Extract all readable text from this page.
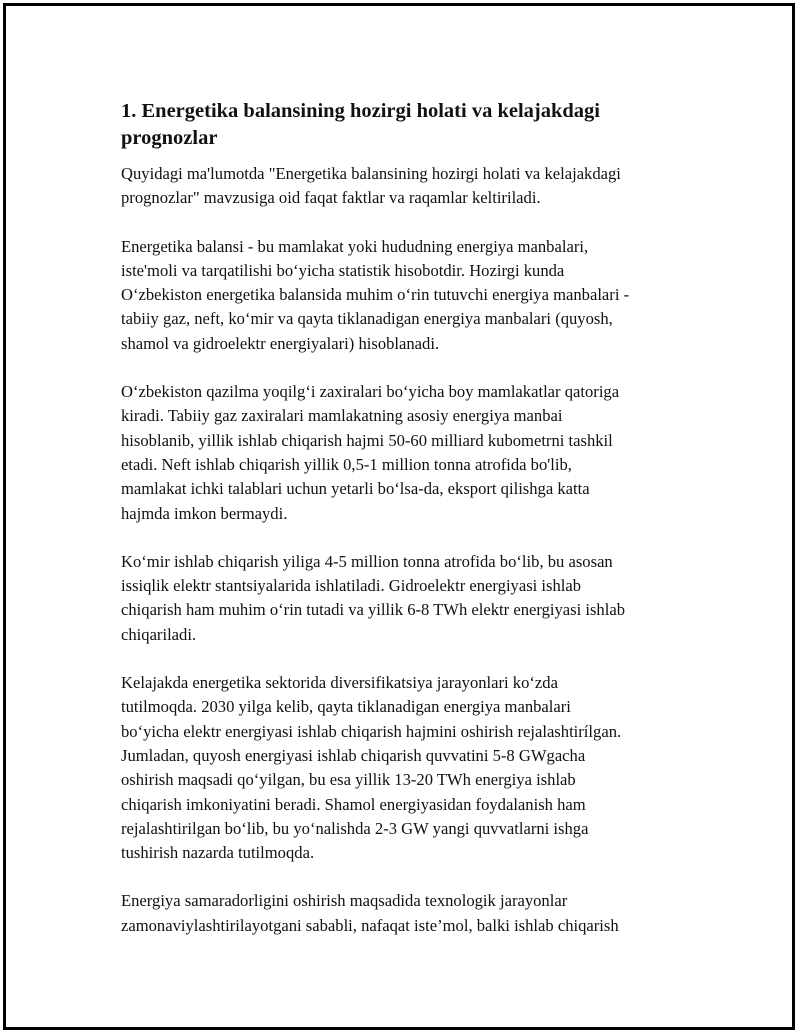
1. Energetika balansining hozirgi holati va kelajakdagi
prognozlar

Quyidagi ma'lumotda "Energetika balansining hozirgi holati va kelajakdagi
prognozlar" mavzusiga oid faqat faktlar va raqamlar keltiriladi.

Energetika balansi - bu mamlakat yoki hududning energiya manbalari,
iste'moli va tarqatilishi boʻyicha statistik hisobotdir. Hozirgi kunda
Oʻzbekiston energetika balansida muhim oʻrin tutuvchi energiya manbalari -
tabiiy gaz, neft, koʻmir va qayta tiklanadigan energiya manbalari (quyosh,
shamol va gidroelektr energiyalari) hisoblanadi.

Oʻzbekiston qazilma yoqilgʻi zaxiralari boʻyicha boy mamlakatlar qatoriga
kiradi. Tabiiy gaz zaxiralari mamlakatning asosiy energiya manbai
hisoblanib, yillik ishlab chiqarish hajmi 50-60 milliard kubometrni tashkil
etadi. Neft ishlab chiqarish yillik 0,5-1 million tonna atrofida bo'lib,
mamlakat ichki talablari uchun yetarli boʻlsa-da, eksport qilishga katta
hajmda imkon bermaydi.

Koʻmir ishlab chiqarish yiliga 4-5 million tonna atrofida boʻlib, bu asosan
issiqlik elektr stantsiyalarida ishlatiladi. Gidroelektr energiyasi ishlab
chiqarish ham muhim oʻrin tutadi va yillik 6-8 TWh elektr energiyasi ishlab
chiqariladi.

Kelajakda energetika sektorida diversifikatsiya jarayonlari koʻzda
tutilmoqda. 2030 yilga kelib, qayta tiklanadigan energiya manbalari
boʻyicha elektr energiyasi ishlab chiqarish hajmini oshirish rejalashtirílgan.
Jumladan, quyosh energiyasi ishlab chiqarish quvvatini 5-8 GWgacha
oshirish maqsadi qoʻyilgan, bu esa yillik 13-20 TWh energiya ishlab
chiqarish imkoniyatini beradi. Shamol energiyasidan foydalanish ham
rejalashtirilgan boʻlib, bu yoʻnalishda 2-3 GW yangi quvvatlarni ishga
tushirish nazarda tutilmoqda.

Energiya samaradorligini oshirish maqsadida texnologik jarayonlar
zamonaviylashtirilayotgani sababli, nafaqat iste’mol, balki ishlab chiqarish
